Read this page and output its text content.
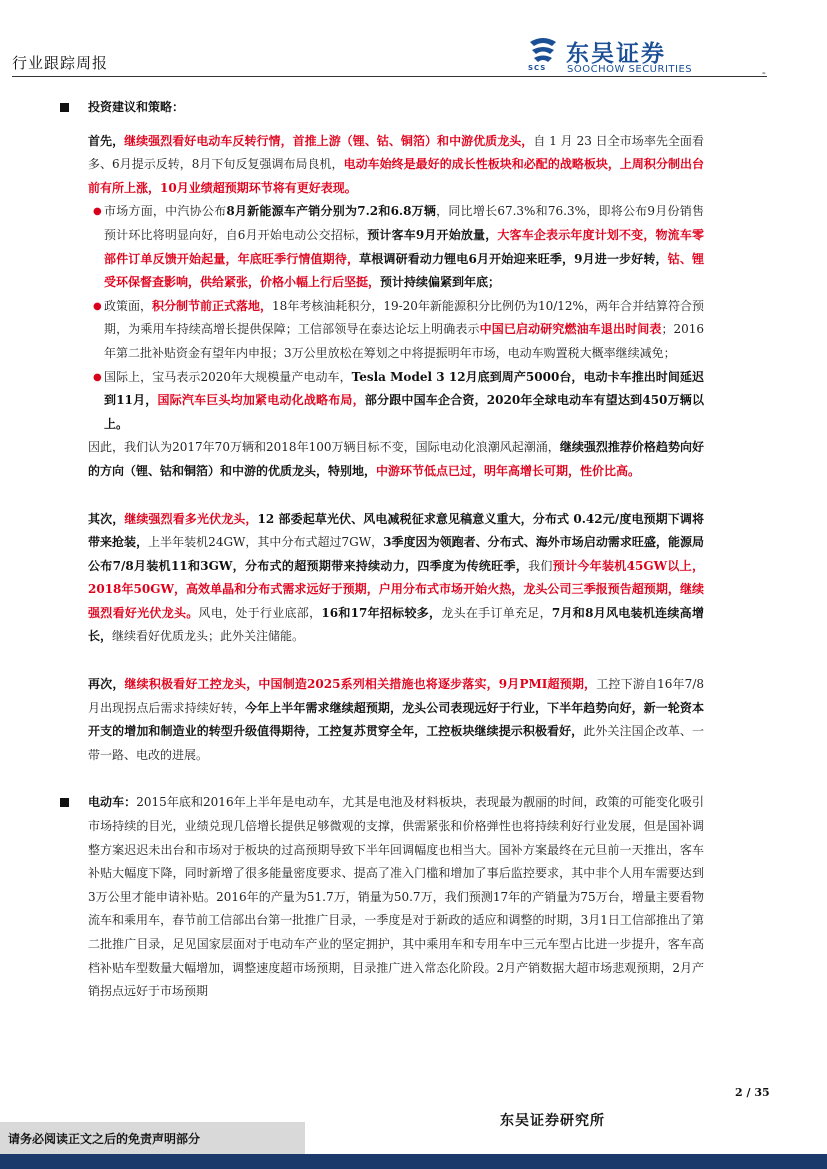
行业跟踪周报
-
SCS
东吴证券
SOOCHOW SECURITIES
投资建议和策略：

首先，继续强烈看好电动车反转行情，首推上游（锂、钴、铜箔）和中游优质龙头，自 1 月 23 日全市场率先全面看多、6月提示反转，8月下旬反复强调布局良机，电动车始终是最好的成长性板块和必配的战略板块，上周积分制出台前有所上涨，10月业绩超预期环节将有更好表现。

● 市场方面，中汽协公布8月新能源车产销分别为7.2和6.8万辆，同比增长67.3%和76.3%，即将公布9月份销售预计环比将明显向好，自6月开始电动公交招标，预计客车9月开始放量，大客车企表示年度计划不变，物流车零部件订单反馈开始起量，年底旺季行情值期待，草根调研看动力锂电6月开始迎来旺季，9月进一步好转，钴、锂受环保督查影响，供给紧张，价格小幅上行后坚挺，预计持续偏紧到年底；

● 政策面，积分制节前正式落地，18年考核油耗积分，19-20年新能源积分比例仍为10/12%，两年合并结算符合预期，为乘用车持续高增长提供保障；工信部领导在泰达论坛上明确表示中国已启动研究燃油车退出时间表；2016年第二批补贴资金有望年内申报；3万公里放松在筹划之中将提振明年市场，电动车购置税大概率继续减免；

● 国际上，宝马表示2020年大规模量产电动车，Tesla Model 3 12月底到周产5000台，电动卡车推出时间延迟到11月，国际汽车巨头均加紧电动化战略布局，部分跟中国车企合资，2020年全球电动车有望达到450万辆以上。

因此，我们认为2017年70万辆和2018年100万辆目标不变，国际电动化浪潮风起潮涌，继续强烈推荐价格趋势向好的方向（锂、钴和铜箔）和中游的优质龙头，特别地，中游环节低点已过，明年高增长可期，性价比高。

其次，继续强烈看多光伏龙头，12 部委起草光伏、风电减税征求意见稿意义重大，分布式 0.42元/度电预期下调将带来抢装，上半年装机24GW，其中分布式超过7GW，3季度因为领跑者、分布式、海外市场启动需求旺盛，能源局公布7/8月装机11和3GW，分布式的超预期带来持续动力，四季度为传统旺季，我们预计今年装机45GW以上，2018年50GW，高效单晶和分布式需求远好于预期，户用分布式市场开始火热，龙头公司三季报预告超预期，继续强烈看好光伏龙头。风电，处于行业底部，16和17年招标较多，龙头在手订单充足，7月和8月风电装机连续高增长，继续看好优质龙头；此外关注储能。

再次，继续积极看好工控龙头，中国制造2025系列相关措施也将逐步落实，9月PMI超预期，工控下游自16年7/8月出现拐点后需求持续好转，今年上半年需求继续超预期，龙头公司表现远好于行业，下半年趋势向好，新一轮资本开支的增加和制造业的转型升级值得期待，工控复苏贯穿全年，工控板块继续提示积极看好，此外关注国企改革、一带一路、电改的进展。

电动车：2015年底和2016年上半年是电动车，尤其是电池及材料板块，表现最为靓丽的时间，政策的可能变化吸引市场持续的目光，业绩兑现几倍增长提供足够微观的支撑，供需紧张和价格弹性也将持续利好行业发展，但是国补调整方案迟迟未出台和市场对于板块的过高预期导致下半年回调幅度也相当大。国补方案最终在元旦前一天推出，客车补贴大幅度下降，同时新增了很多能量密度要求、提高了准入门槛和增加了事后监控要求，其中非个人用车需要达到3万公里才能申请补贴。2016年的产量为51.7万，销量为50.7万，我们预测17年的产销量为75万台，增量主要看物流车和乘用车，春节前工信部出台第一批推广目录，一季度是对于新政的适应和调整的时期，3月1日工信部推出了第二批推广目录，足见国家层面对于电动车产业的坚定拥护，其中乘用车和专用车中三元车型占比进一步提升，客车高档补贴车型数量大幅增加，调整速度超市场预期，目录推广进入常态化阶段。2月产销数据大超市场悲观预期，2月产销拐点远好于市场预期

2 / 35
东吴证券研究所
请务必阅读正文之后的免责声明部分
